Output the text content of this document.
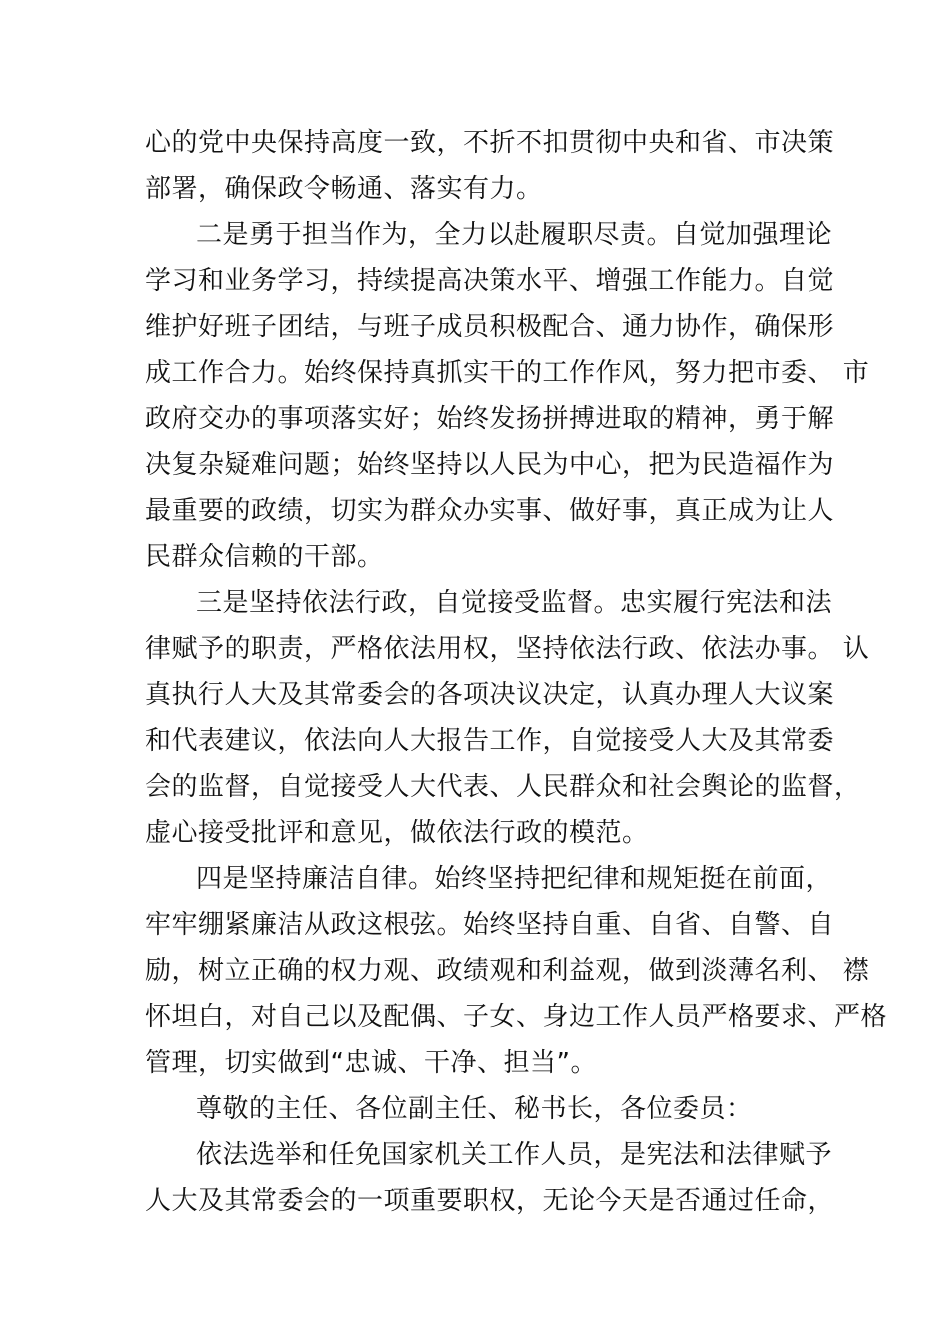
心的党中央保持高度一致，不折不扣贯彻中央和省、市决策
部署，确保政令畅通、落实有力。
二是勇于担当作为，全力以赴履职尽责。自觉加强理论
学习和业务学习，持续提高决策水平、增强工作能力。自觉
维护好班子团结，与班子成员积极配合、通力协作，确保形
成工作合力。始终保持真抓实干的工作作风，努力把市委、 市
政府交办的事项落实好；始终发扬拼搏进取的精神，勇于解
决复杂疑难问题；始终坚持以人民为中心，把为民造福作为
最重要的政绩，切实为群众办实事、做好事，真正成为让人
民群众信赖的干部。
三是坚持依法行政，自觉接受监督。忠实履行宪法和法
律赋予的职责，严格依法用权，坚持依法行政、依法办事。 认
真执行人大及其常委会的各项决议决定，认真办理人大议案
和代表建议，依法向人大报告工作，自觉接受人大及其常委
会的监督，自觉接受人大代表、人民群众和社会舆论的监督，
虚心接受批评和意见，做依法行政的模范。
四是坚持廉洁自律。始终坚持把纪律和规矩挺在前面，
牢牢绷紧廉洁从政这根弦。始终坚持自重、自省、自警、自
励，树立正确的权力观、政绩观和利益观，做到淡薄名利、 襟
怀坦白，对自己以及配偶、子女、身边工作人员严格要求、严格
管理，切实做到“忠诚、干净、担当”。
尊敬的主任、各位副主任、秘书长，各位委员：
依法选举和任免国家机关工作人员，是宪法和法律赋予
人大及其常委会的一项重要职权，无论今天是否通过任命，
